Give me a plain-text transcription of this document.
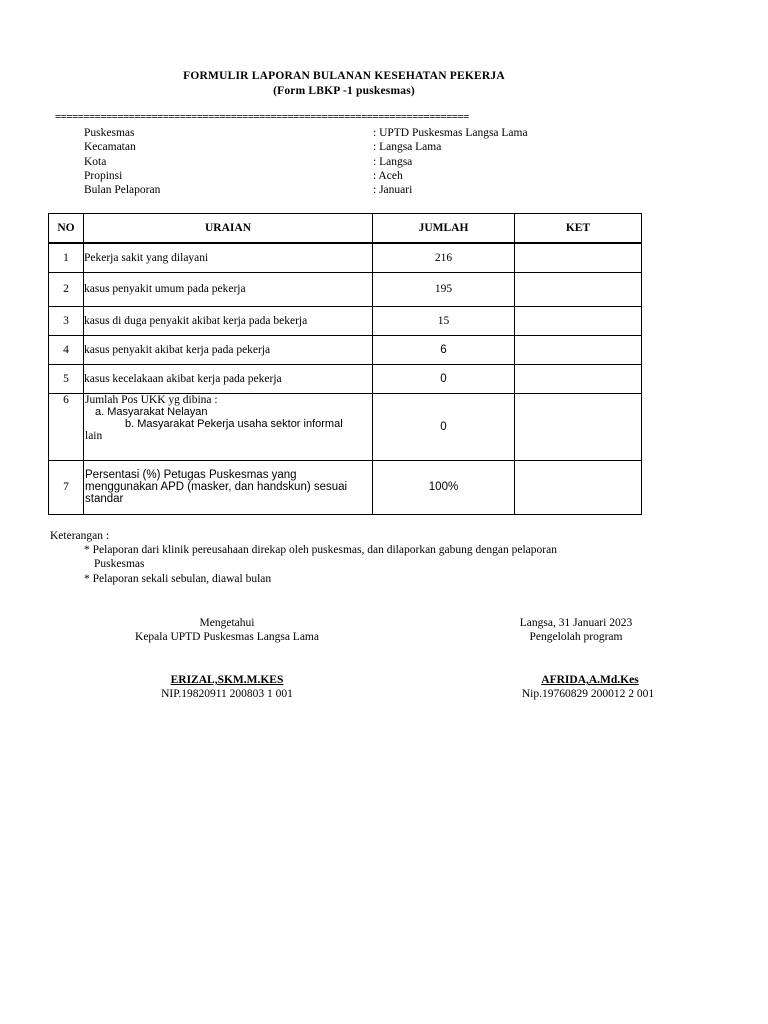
FORMULIR LAPORAN BULANAN KESEHATAN PEKERJA
(Form LBKP -1 puskesmas)
=========================================================================
Puskesmas	: UPTD Puskesmas Langsa Lama
Kecamatan	: Langsa Lama
Kota	: Langsa
Propinsi	: Aceh
Bulan Pelaporan	: Januari
NO	URAIAN	JUMLAH	KET
1	Pekerja sakit yang dilayani	216	
2	kasus penyakit umum pada pekerja	195	
3	kasus di duga penyakit akibat kerja pada bekerja	15	
4	kasus penyakit akibat kerja pada pekerja	6	
5	kasus kecelakaan akibat kerja pada pekerja	0	
6	Jumlah Pos UKK yg dibina :
a. Masyarakat Nelayan
b. Masyarakat Pekerja usaha sektor informal
lain	0	
7	Persentasi (%) Petugas Puskesmas yang
menggunakan APD (masker, dan handskun) sesuai
standar	100%	
Keterangan :
* Pelaporan dari klinik pereusahaan direkap oleh puskesmas, dan dilaporkan gabung dengan pelaporan
Puskesmas
* Pelaporan sekali sebulan, diawal bulan
Mengetahui
Kepala UPTD Puskesmas Langsa Lama
ERIZAL,SKM.M.KES
NIP.19820911 200803 1 001
Langsa, 31 Januari 2023
Pengelolah program
AFRIDA,A.Md.Kes
Nip.19760829 200012 2 001
